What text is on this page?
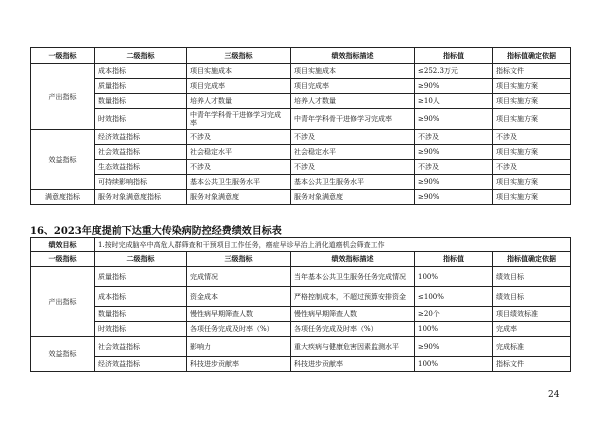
一级指标	二级指标	三级指标	绩效指标描述	指标值	指标值确定依据
产出指标	成本指标	项目实施成本	项目实施成本	≤252.3万元	指标文件
	质量指标	项目完成率	项目完成率	≥90%	项目实施方案
	数量指标	培养人才数量	培养人才数量	≥10人	项目实施方案
	时效指标	中青年学科骨干进修学习完成率	中青年学科骨干进修学习完成率	≥90%	项目实施方案
效益指标	经济效益指标	不涉及	不涉及	不涉及	不涉及
	社会效益指标	社会稳定水平	社会稳定水平	≥90%	项目实施方案
	生态效益指标	不涉及	不涉及	不涉及	不涉及
	可持续影响指标	基本公共卫生服务水平	基本公共卫生服务水平	≥90%	项目实施方案
满意度指标	服务对象满意度指标	服务对象满意度	服务对象满意度	≥90%	项目实施方案
16、2023年度提前下达重大传染病防控经费绩效目标表
绩效目标	1.按时完成脑卒中高危人群筛查和干预项目工作任务，癌症早诊早治上消化道癌机会筛查工作				
一级指标	二级指标	三级指标	绩效指标描述	指标值	指标值确定依据
产出指标	质量指标	完成情况	当年基本公共卫生服务任务完成情况	100%	绩效目标
	成本指标	资金成本	严格控制成本，不超过预算安排资金	≤100%	绩效目标
	数量指标	慢性病早期筛查人数	慢性病早期筛查人数	≥20个	项目绩效标准
	时效指标	各项任务完成及时率（%）	各项任务完成及时率（%）	100%	完成率
效益指标	社会效益指标	影响力	重大疾病与健康危害因素监测水平	≥90%	完成标准
	经济效益指标	科技进步贡献率	科技进步贡献率	100%	指标文件
24
